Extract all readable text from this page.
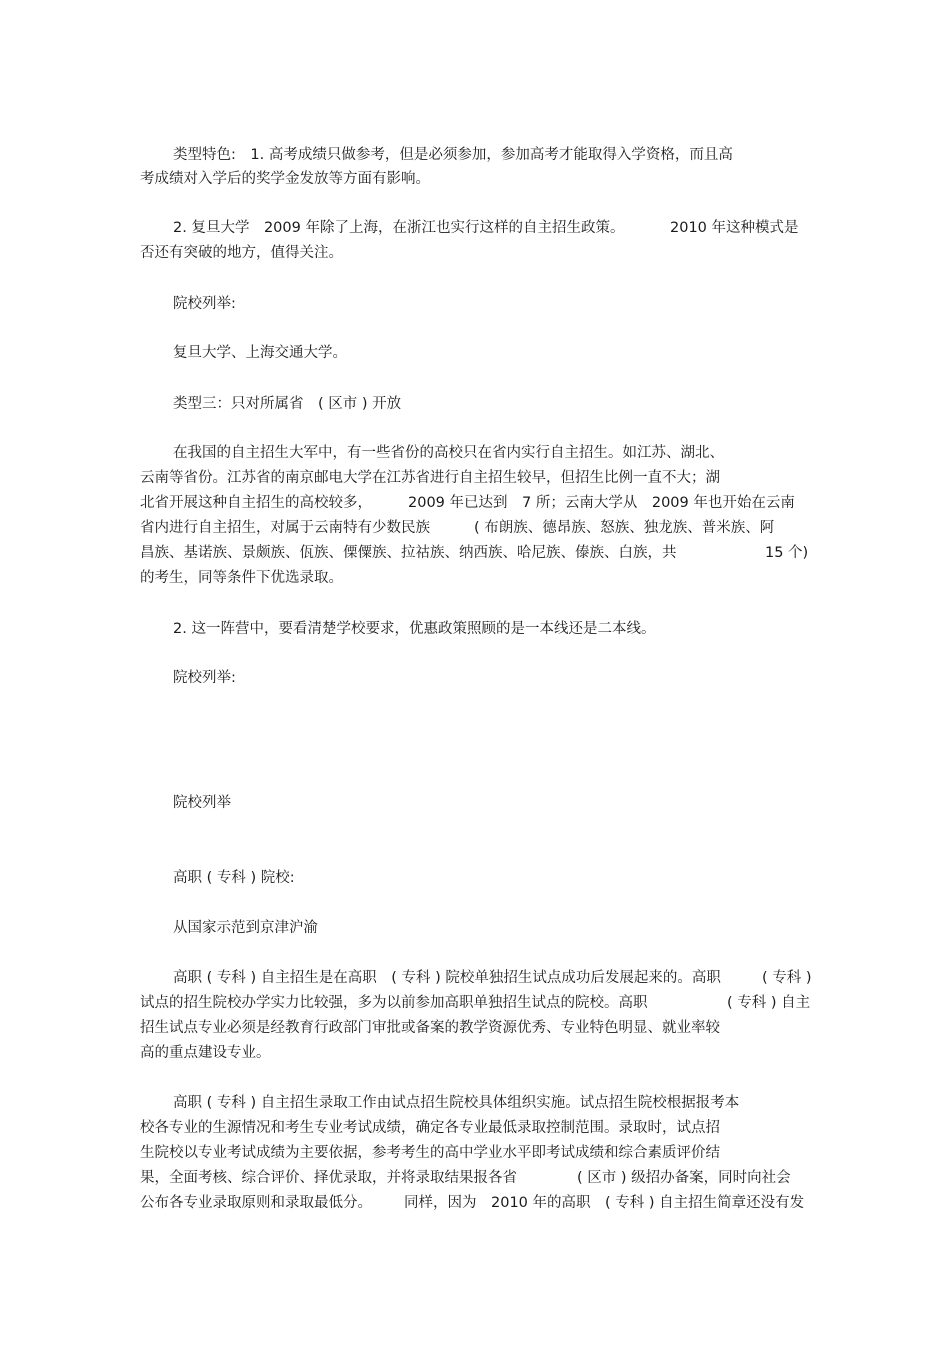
类型特色:　1. 高考成绩只做参考，但是必须参加，参加高考才能取得入学资格，而且高
考成绩对入学后的奖学金发放等方面有影响。
2. 复旦大学　2009 年除了上海，在浙江也实行这样的自主招生政策。	2010 年这种模式是
否还有突破的地方，值得关注。
院校列举:
复旦大学、上海交通大学。
类型三：只对所属省　( 区市 ) 开放
在我国的自主招生大军中，有一些省份的高校只在省内实行自主招生。如江苏、湖北、
云南等省份。江苏省的南京邮电大学在江苏省进行自主招生较早，但招生比例一直不大；湖
北省开展这种自主招生的高校较多， 2009 年已达到　7 所；云南大学从　2009 年也开始在云南
省内进行自主招生，对属于云南特有少数民族	( 布朗族、德昂族、怒族、独龙族、普米族、阿
昌族、基诺族、景颇族、佤族、傈僳族、拉祜族、纳西族、哈尼族、傣族、白族，共	15 个)
的考生，同等条件下优选录取。
2. 这一阵营中，要看清楚学校要求，优惠政策照顾的是一本线还是二本线。
院校列举:
院校列举
高职 ( 专科 ) 院校:
从国家示范到京津沪渝
高职 ( 专科 ) 自主招生是在高职　( 专科 ) 院校单独招生试点成功后发展起来的。高职	( 专科 )
试点的招生院校办学实力比较强，多为以前参加高职单独招生试点的院校。高职	( 专科 ) 自主
招生试点专业必须是经教育行政部门审批或备案的教学资源优秀、专业特色明显、就业率较
高的重点建设专业。
高职 ( 专科 ) 自主招生录取工作由试点招生院校具体组织实施。试点招生院校根据报考本
校各专业的生源情况和考生专业考试成绩，确定各专业最低录取控制范围。录取时，试点招
生院校以专业考试成绩为主要依据，参考考生的高中学业水平即考试成绩和综合素质评价结
果，全面考核、综合评价、择优录取，并将录取结果报各省	( 区市 ) 级招办备案，同时向社会
公布各专业录取原则和录取最低分。 同样，因为　2010 年的高职　( 专科 ) 自主招生简章还没有发
